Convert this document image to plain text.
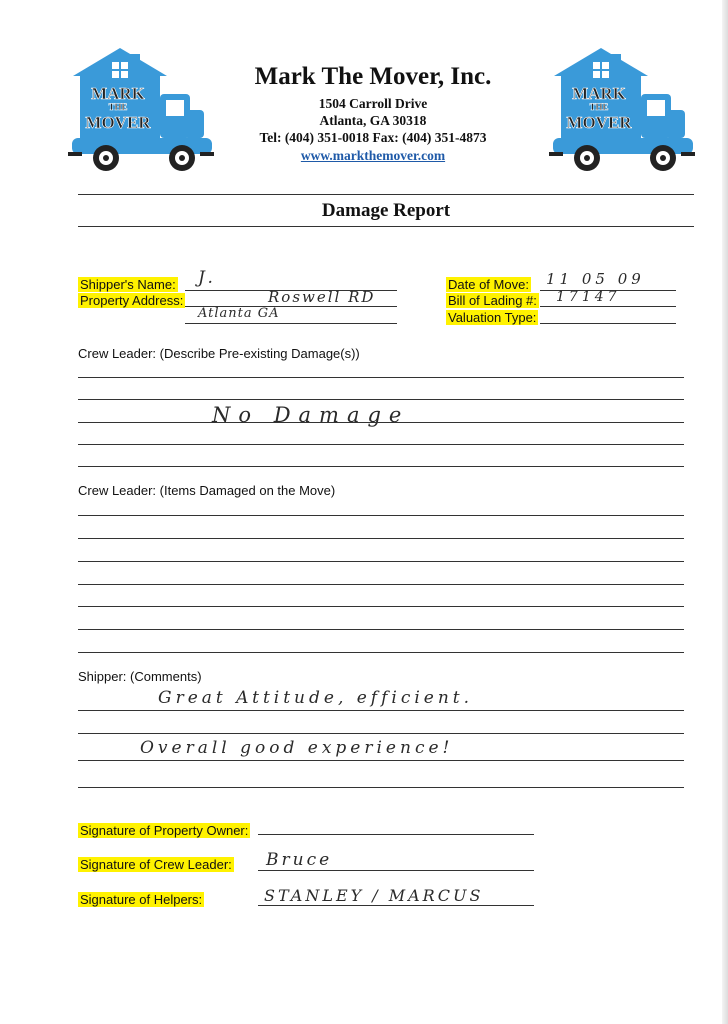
MARK
THE
MOVER
MARK
THE
MOVER
Mark The Mover, Inc.
1504 Carroll Drive
Atlanta, GA 30318
Tel: (404) 351-0018 Fax: (404) 351-4873
www.markthemover.com
Damage Report
Shipper's Name: J.
Property Address:	Roswell RD
Atlanta GA
Date of Move: 11 05 09
Bill of Lading #: 17147
Valuation Type:
Crew Leader: (Describe Pre-existing Damage(s))
No Damage
Crew Leader: (Items Damaged on the Move)
Shipper: (Comments)
Great Attitude, efficient.
Overall good experience!
Signature of Property Owner:
Signature of Crew Leader: Bruce
Signature of Helpers:	STANLEY / MARCUS
